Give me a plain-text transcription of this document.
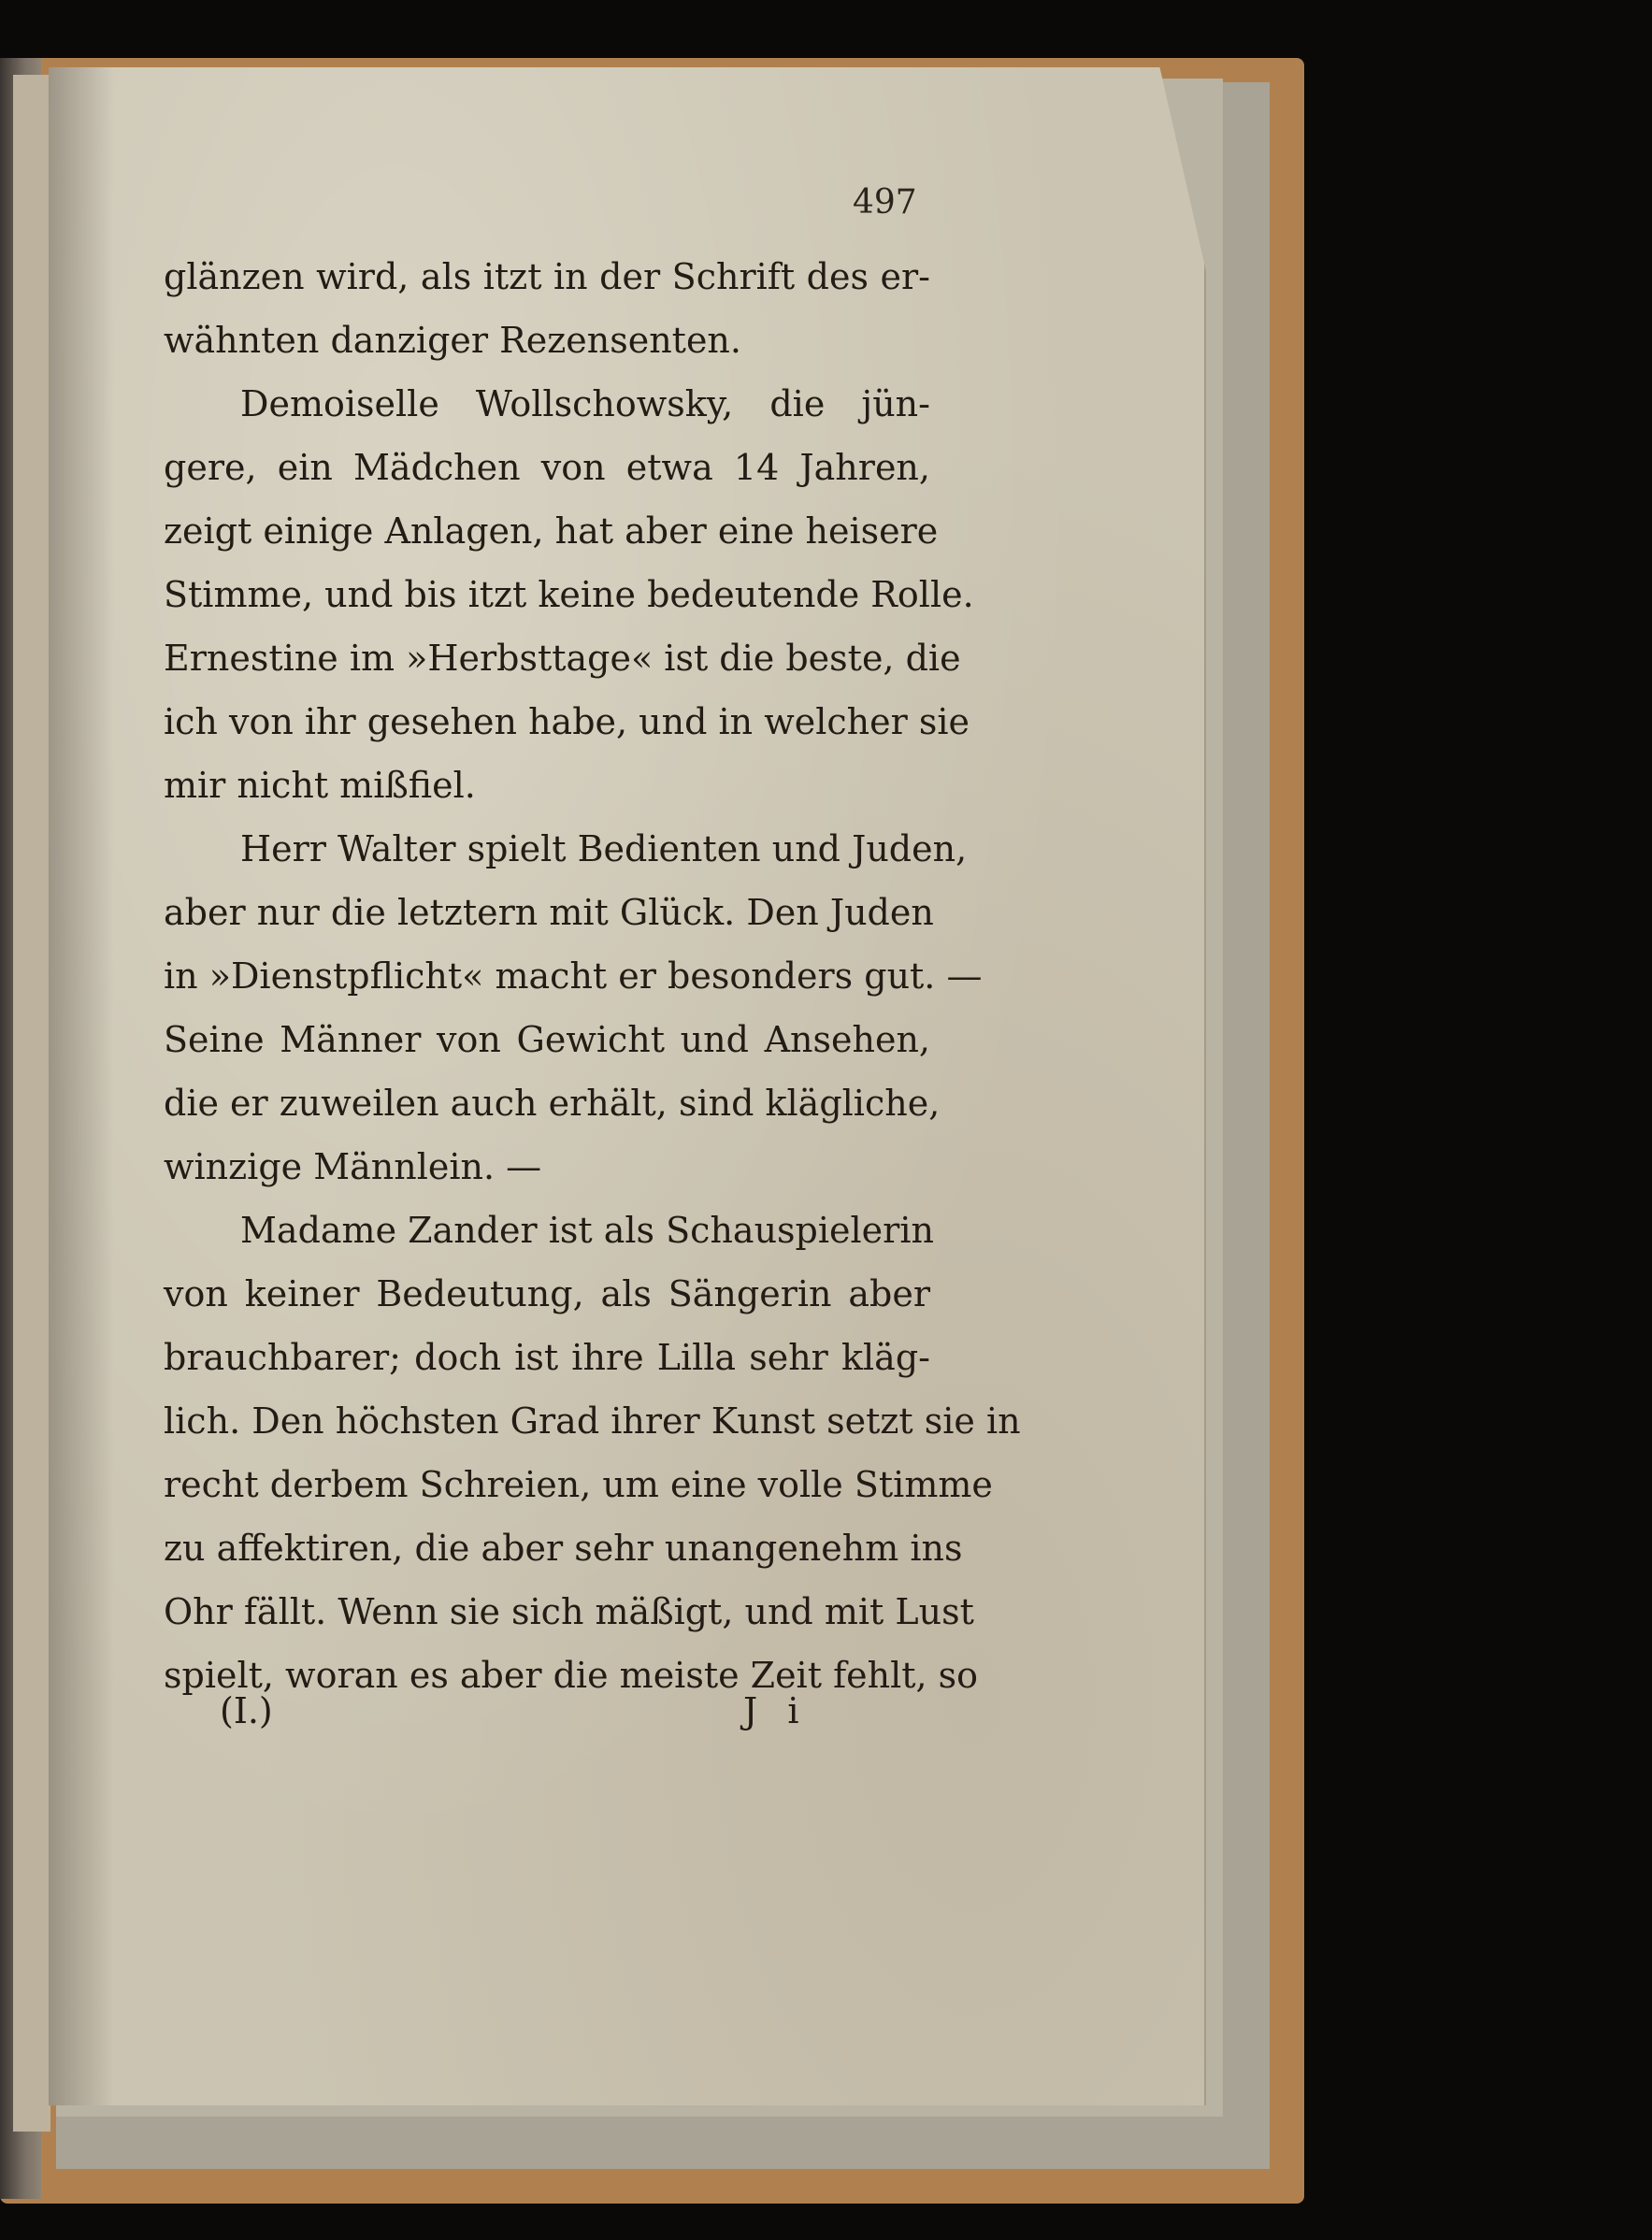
497
glänzen wird, als itzt in der Schrift des er-
wähnten danziger Rezensenten.
Demoiselle Wollschowsky, die jün-
gere, ein Mädchen von etwa 14 Jahren,
zeigt einige Anlagen, hat aber eine heisere
Stimme, und bis itzt keine bedeutende Rolle.
Ernestine im »Herbsttage« ist die beste, die
ich von ihr gesehen habe, und in welcher sie
mir nicht mißfiel.
Herr Walter spielt Bedienten und Juden,
aber nur die letztern mit Glück. Den Juden
in »Dienstpflicht« macht er besonders gut. —
Seine Männer von Gewicht und Ansehen,
die er zuweilen auch erhält, sind klägliche,
winzige Männlein. —
Madame Zander ist als Schauspielerin
von keiner Bedeutung, als Sängerin aber
brauchbarer; doch ist ihre Lilla sehr kläg-
lich. Den höchsten Grad ihrer Kunst setzt sie in
recht derbem Schreien, um eine volle Stimme
zu affektiren, die aber sehr unangenehm ins
Ohr fällt. Wenn sie sich mäßigt, und mit Lust
spielt, woran es aber die meiste Zeit fehlt, so
(I.)	J i
